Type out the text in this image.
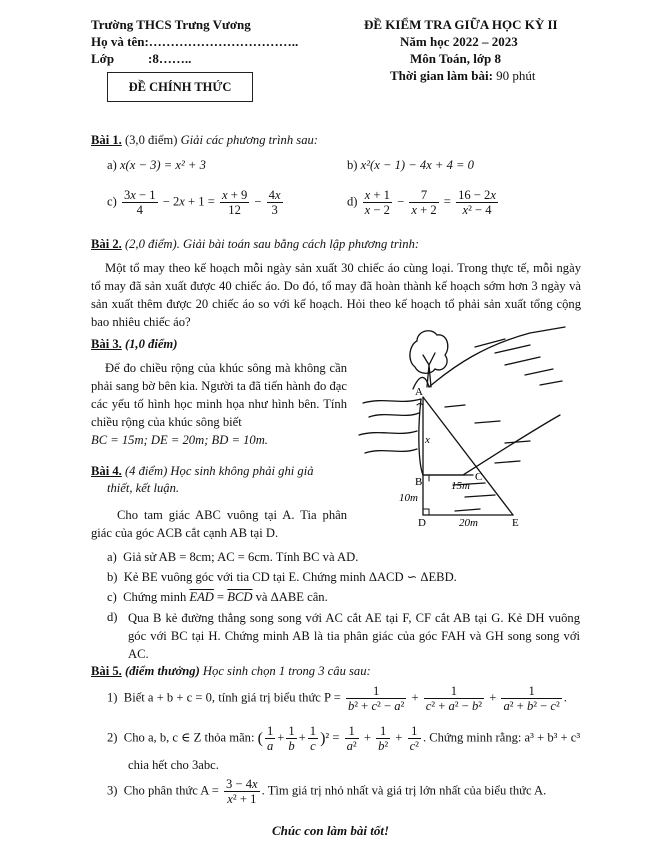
Trường THCS Trưng Vương
Họ và tên:……………………………..
Lớp	:8……..
ĐỀ CHÍNH THỨC
ĐỀ KIỂM TRA GIỮA HỌC KỲ II
Năm học 2022 – 2023
Môn Toán, lớp 8
Thời gian làm bài: 90 phút
Bài 1. (3,0 điểm) Giải các phương trình sau:
a) x(x − 3) = x² + 3	b) x²(x − 1) − 4x + 4 = 0
$c) \frac{3x - 1}{4} - 2x + 1 = \frac{x + 9}{12} - \frac{4x}{3}$	$d) \frac{x + 1}{x - 2} - \frac{7}{x + 2} = \frac{16 - 2x}{\text{x² − 4}}$
Bài 2. (2,0 điểm). Giải bài toán sau bằng cách lập phương trình:
Một tổ may theo kế hoạch mỗi ngày sản xuất 30 chiếc áo cùng loại. Trong thực tế, mỗi ngày tổ may đã sản xuất được 40 chiếc áo. Do đó, tổ may đã hoàn thành kế hoạch sớm hơn 3 ngày và sản xuất thêm được 20 chiếc áo so với kế hoạch. Hỏi theo kế hoạch tổ phải sản xuất tổng cộng bao nhiêu chiếc áo?
Bài 3. (1,0 điểm)
Để đo chiều rộng của khúc sông mà không cần phải sang bờ bên kia. Người ta đã tiến hành đo đạc các yếu tố hình học minh họa như hình bên. Tính chiều rộng của khúc sông biết
BC = 15m; DE = 20m; BD = 10m.
A
B	C
D	E
x
15m
10m
20m
Bài 4. (4 điểm) Học sinh không phải ghi giả
thiết, kết luận.
Cho tam giác ABC vuông tại A. Tia phân giác của góc ACB cắt cạnh AB tại D.
a) Giả sử AB = 8cm; AC = 6cm. Tính BC và AD.
b) Kẻ BE vuông góc với tia CD tại E. Chứng minh ΔACD ∽ ΔEBD.
c) Chứng minh $\overline{EAD} = \overline{BCD}$ và ΔABE cân.
d) Qua B kẻ đường thẳng song song với AC cắt AE tại F, CF cắt AB tại G. Kẻ DH vuông góc với BC tại H. Chứng minh AB là tia phân giác của góc FAH và GH song song với AC.
Bài 5. (điểm thưởng) Học sinh chọn 1 trong 3 câu sau:
1) Biết a + b + c = 0, tính giá trị biểu thức $P = \frac{1}{\text{b² + c² − a²}} + \frac{1}{\text{c² + a² − b²}} + \frac{1}{\text{a² + b² − c²}}$ .
2) Cho a, b, c ∈ Z thỏa mãn: ( $\frac{1}{a} + \frac{1}{b} + \frac{1}{c} )^2 = \frac{1}{\text{a²}} + \frac{1}{\text{b²}} + \frac{1}{\text{c²}}$ . Chứng minh rằng: a³ + b³ + c³
chia hết cho 3abc.
3) Cho phân thức $A = \frac{3 - 4x}{\text{x² + 1}}$ . Tìm giá trị nhỏ nhất và giá trị lớn nhất của biểu thức A.
Chúc con làm bài tốt!
